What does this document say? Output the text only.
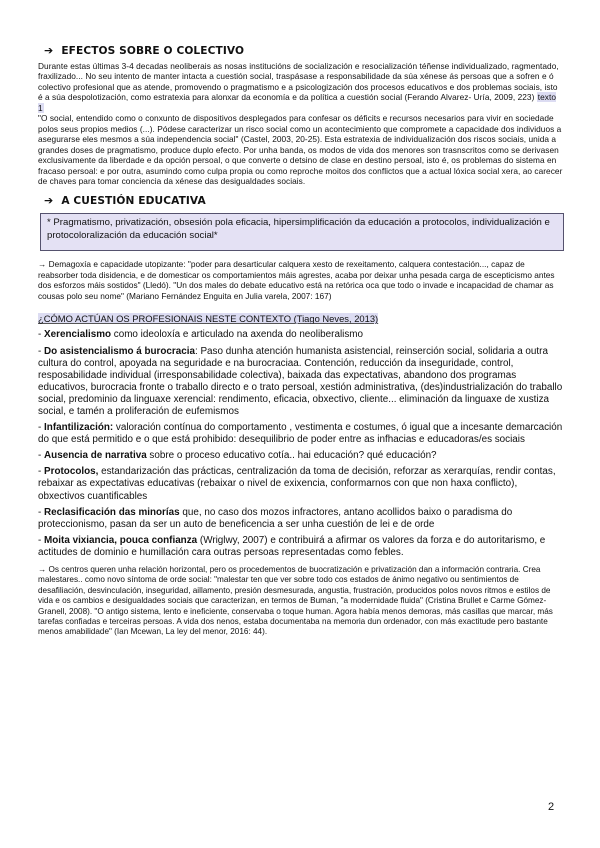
➔ EFECTOS SOBRE O COLECTIVO

Durante estas últimas 3-4 decadas neoliberais as nosas institucións de socialización e resocialización téñense individualizado, ragmentado, fraxilizado... No seu intento de manter intacta a cuestión social, traspásase a responsabilidade da súa xénese ás persoas que a sofren e ó colectivo profesional que as atende, promovendo o pragmatismo e a psicologización dos procesos educativos e dos problemas sociais, isto é a súa despolotización, como estratexia para alonxar da economía e da política a cuestión social (Ferando Alvarez- Uría, 2009, 223) texto 1

"O social, entendido como o conxunto de dispositivos desplegados para confesar os déficits e recursos necesarios para vivir en sociedade polos seus propios medios (...). Pódese caracterizar un risco social como un acontecimiento que compromete a capacidade dos individuos a asegurarse eles mesmos a súa independencia social" (Castel, 2003, 20-25). Esta estratexia de individualización dos riscos sociais, unida a grandes doses de pragmatismo, produce duplo efecto. Por unha banda, os modos de vida dos menores son trasnscritos como se derivasen exclusivamente da liberdade e da opción persoal, o que converte o detsino de clase en destino persoal, isto é, os problemas do sistema en fracaso persoal: e por outra, asumindo como culpa propia ou como reproche moitos dos conflictos que a actual lóxica social xera, ao carecer de chaves para tomar conciencia da xénese das desigualdades sociais.

➔ A CUESTIÓN EDUCATIVA
* Pragmatismo, privatización, obsesión pola eficacia, hipersimplificación da educación a protocolos, individualización e protocoloralización da educación social*

→ Demagoxía e capacidade utopizante: "poder para desarticular calquera xesto de rexeitamento, calquera contestación..., capaz de reabsorber toda disidencia, e de domesticar os comportamientos máis agrestes, acaba por deixar unha pesada carga de escepticismo antes dos esforzos máis sostidos" (Lledó). "Un dos males do debate educativo está na retórica oca que todo o invade e incapacidad de chamar as cousas polo seu nome" (Mariano Fernández Enguita en Julia varela, 2007: 167)

¿CÓMO ACTÚAN OS PROFESIONAIS NESTE CONTEXTO (Tiago Neves, 2013)

- Xerencialismo como ideoloxía e articulado na axenda do neoliberalismo

- Do asistencialismo á burocracia: Paso dunha atención humanista asistencial, reinserción social, solidaria a outra cultura do control, apoyada na seguridade e na burocraciaa. Contención, reducción da inseguridade, control, resposabilidade individual (irresponsabilidade colectiva), baixada das expectativas, abandono dos programas educativos, burocracia fronte o traballo directo e o trato persoal, xestión administrativa, (des)industrialización do traballo social, predominio da linguaxe xerencial: rendimento, eficacia, obxectivo, cliente... eliminación da linguaxe de xustiza social, e tamén a proliferación de eufemismos

- Infantilización: valoración contínua do comportamento , vestimenta e costumes, ó igual que a incesante demarcación do que está permitido e o que está prohibido: desequilibrio de poder entre as infhacias e educadoras/es sociais

- Ausencia de narrativa sobre o proceso educativo cotía.. hai educación? qué educación?

- Protocolos, estandarización das prácticas, centralización da toma de decisión, reforzar as xerarquías, rendir contas, rebaixar as expectativas educativas (rebaixar o nivel de exixencia, conformarnos con que non haxa conflicto), obxectivos cuantificables

- Reclasificación das minorías que, no caso dos mozos infractores, antano acollidos baixo o paradisma do proteccionismo, pasan da ser un auto de beneficencia a ser unha cuestión de lei e de orde

- Moita vixiancia, pouca confianza (Wriglwy, 2007) e contribuirá a afirmar os valores da forza e do autoritarismo, e actitudes de dominio e humillación cara outras persoas representadas como febles.

→ Os centros queren unha relación horizontal, pero os procedementos de buocratización e privatización dan a información contraria. Crea malestares.. como novo síntoma de orde social: "malestar ten que ver sobre todo cos estados de ánimo negativo ou sentimientos de desafiliación, desvinculación, inseguridad, aillamento, presión desmesurada, angustia, frustración, producidos polos novos ritmos e estilos de vida e os cambios e desigualdades sociais que caracterizan, en termos de Buman, "a modernidade fluida" (Cristina Brullet e Carme Gómez- Granell, 2008). "O antigo sistema, lento e ineficiente, conservaba o toque human. Agora había menos demoras, más casillas que marcar, más tarefas confiadas e terceiras persoas. A vida dos nenos, estaba documentaba na memoria dun ordenador, con más exactitude pero bastante menos amabilidade" (Ian Mcewan, La ley del menor, 2016: 44).

2
